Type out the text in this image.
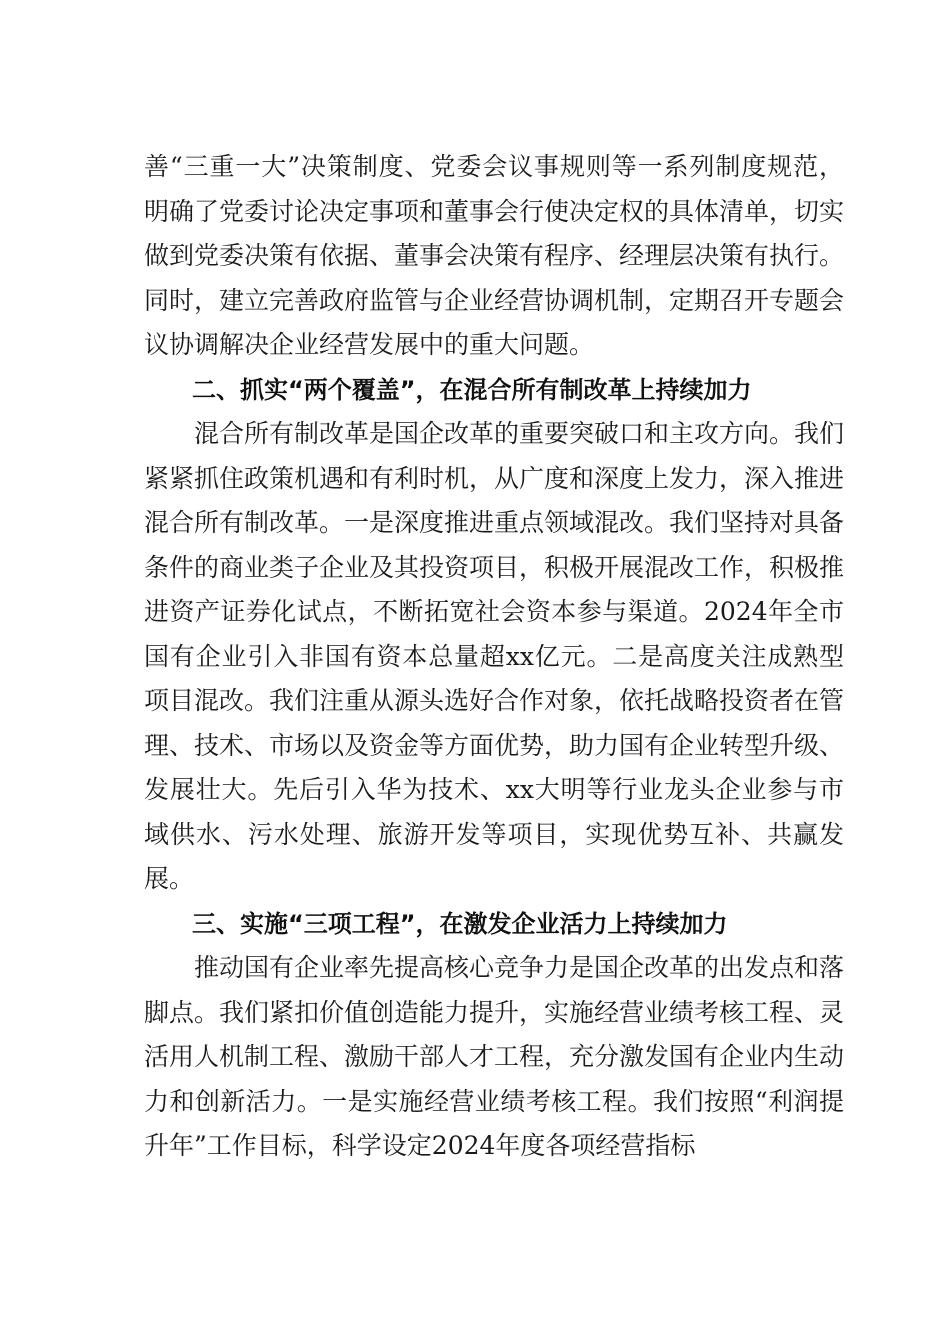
善“三重一大”决策制度、党委会议事规则等一系列制度规范，明确了党委讨论决定事项和董事会行使决定权的具体清单，切实做到党委决策有依据、董事会决策有程序、经理层决策有执行。同时，建立完善政府监管与企业经营协调机制，定期召开专题会议协调解决企业经营发展中的重大问题。

二、抓实“两个覆盖”，在混合所有制改革上持续加力

混合所有制改革是国企改革的重要突破口和主攻方向。我们紧紧抓住政策机遇和有利时机，从广度和深度上发力，深入推进混合所有制改革。一是深度推进重点领域混改。我们坚持对具备条件的商业类子企业及其投资项目，积极开展混改工作，积极推进资产证券化试点，不断拓宽社会资本参与渠道。2024年全市国有企业引入非国有资本总量超xx亿元。二是高度关注成熟型项目混改。我们注重从源头选好合作对象，依托战略投资者在管理、技术、市场以及资金等方面优势，助力国有企业转型升级、发展壮大。先后引入华为技术、xx大明等行业龙头企业参与市域供水、污水处理、旅游开发等项目，实现优势互补、共赢发展。

三、实施“三项工程”，在激发企业活力上持续加力

推动国有企业率先提高核心竞争力是国企改革的出发点和落脚点。我们紧扣价值创造能力提升，实施经营业绩考核工程、灵活用人机制工程、激励干部人才工程，充分激发国有企业内生动力和创新活力。一是实施经营业绩考核工程。我们按照“利润提升年”工作目标，科学设定2024年度各项经营指标
